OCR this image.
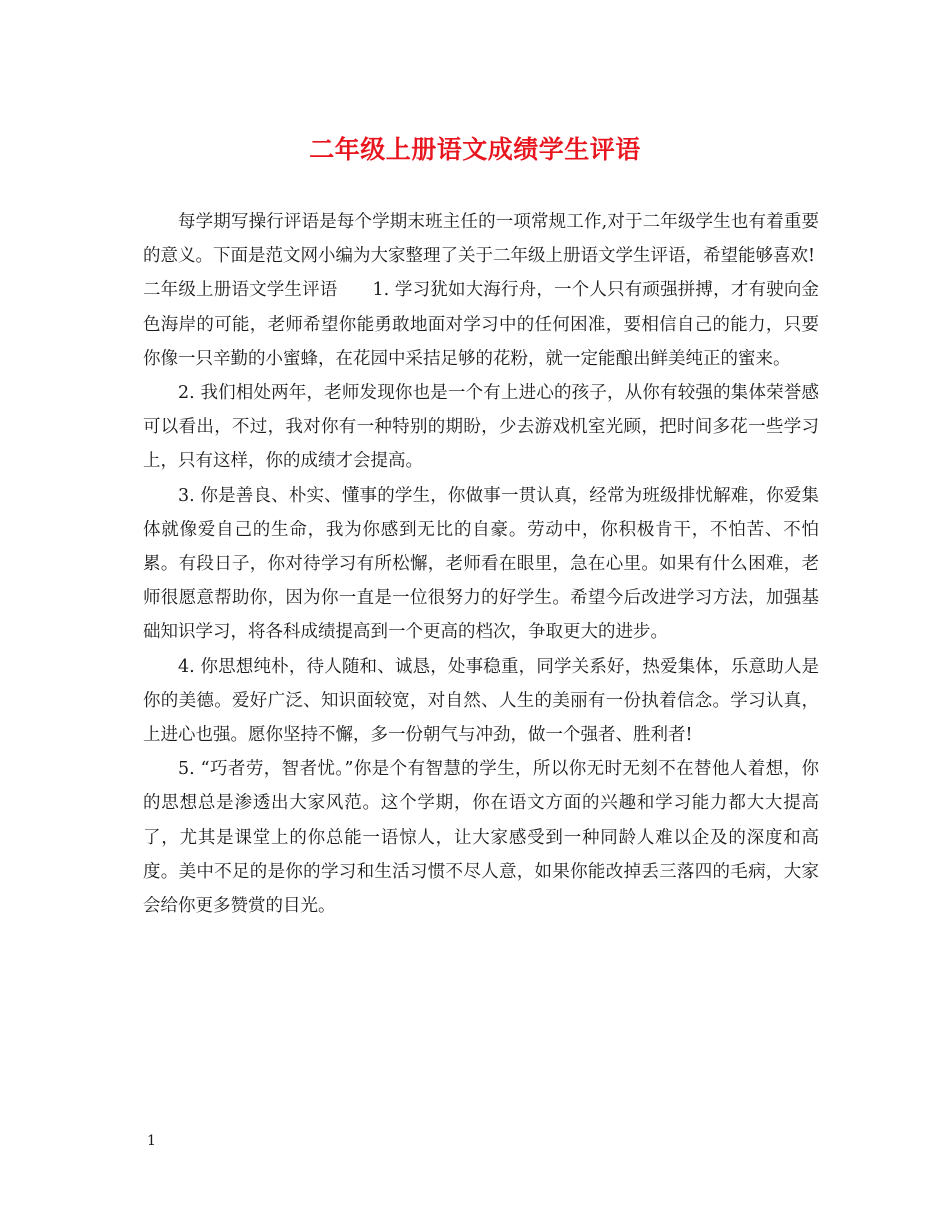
二年级上册语文成绩学生评语

每学期写操行评语是每个学期末班主任的一项常规工作,对于二年级学生也有着重要的意义。下面是范文网小编为大家整理了关于二年级上册语文学生评语，希望能够喜欢!

二年级上册语文学生评语   1. 学习犹如大海行舟，一个人只有顽强拼搏，才有驶向金色海岸的可能，老师希望你能勇敢地面对学习中的任何困准，要相信自己的能力，只要你像一只辛勤的小蜜蜂，在花园中采拮足够的花粉，就一定能酿出鲜美纯正的蜜来。

2. 我们相处两年，老师发现你也是一个有上进心的孩子，从你有较强的集体荣誉感可以看出，不过，我对你有一种特别的期盼，少去游戏机室光顾，把时间多花一些学习上，只有这样，你的成绩才会提高。

3. 你是善良、朴实、懂事的学生，你做事一贯认真，经常为班级排忧解难，你爱集体就像爱自己的生命，我为你感到无比的自豪。劳动中，你积极肯干，不怕苦、不怕累。有段日子，你对待学习有所松懈，老师看在眼里，急在心里。如果有什么困难，老师很愿意帮助你，因为你一直是一位很努力的好学生。希望今后改进学习方法，加强基础知识学习，将各科成绩提高到一个更高的档次，争取更大的进步。

4. 你思想纯朴，待人随和、诚恳，处事稳重，同学关系好，热爱集体，乐意助人是你的美德。爱好广泛、知识面较宽，对自然、人生的美丽有一份执着信念。学习认真，上进心也强。愿你坚持不懈，多一份朝气与冲劲，做一个强者、胜利者!

5. “巧者劳，智者忧。”你是个有智慧的学生，所以你无时无刻不在替他人着想，你的思想总是渗透出大家风范。这个学期，你在语文方面的兴趣和学习能力都大大提高了，尤其是课堂上的你总能一语惊人，让大家感受到一种同龄人难以企及的深度和高度。美中不足的是你的学习和生活习惯不尽人意，如果你能改掉丢三落四的毛病，大家会给你更多赞赏的目光。

1
